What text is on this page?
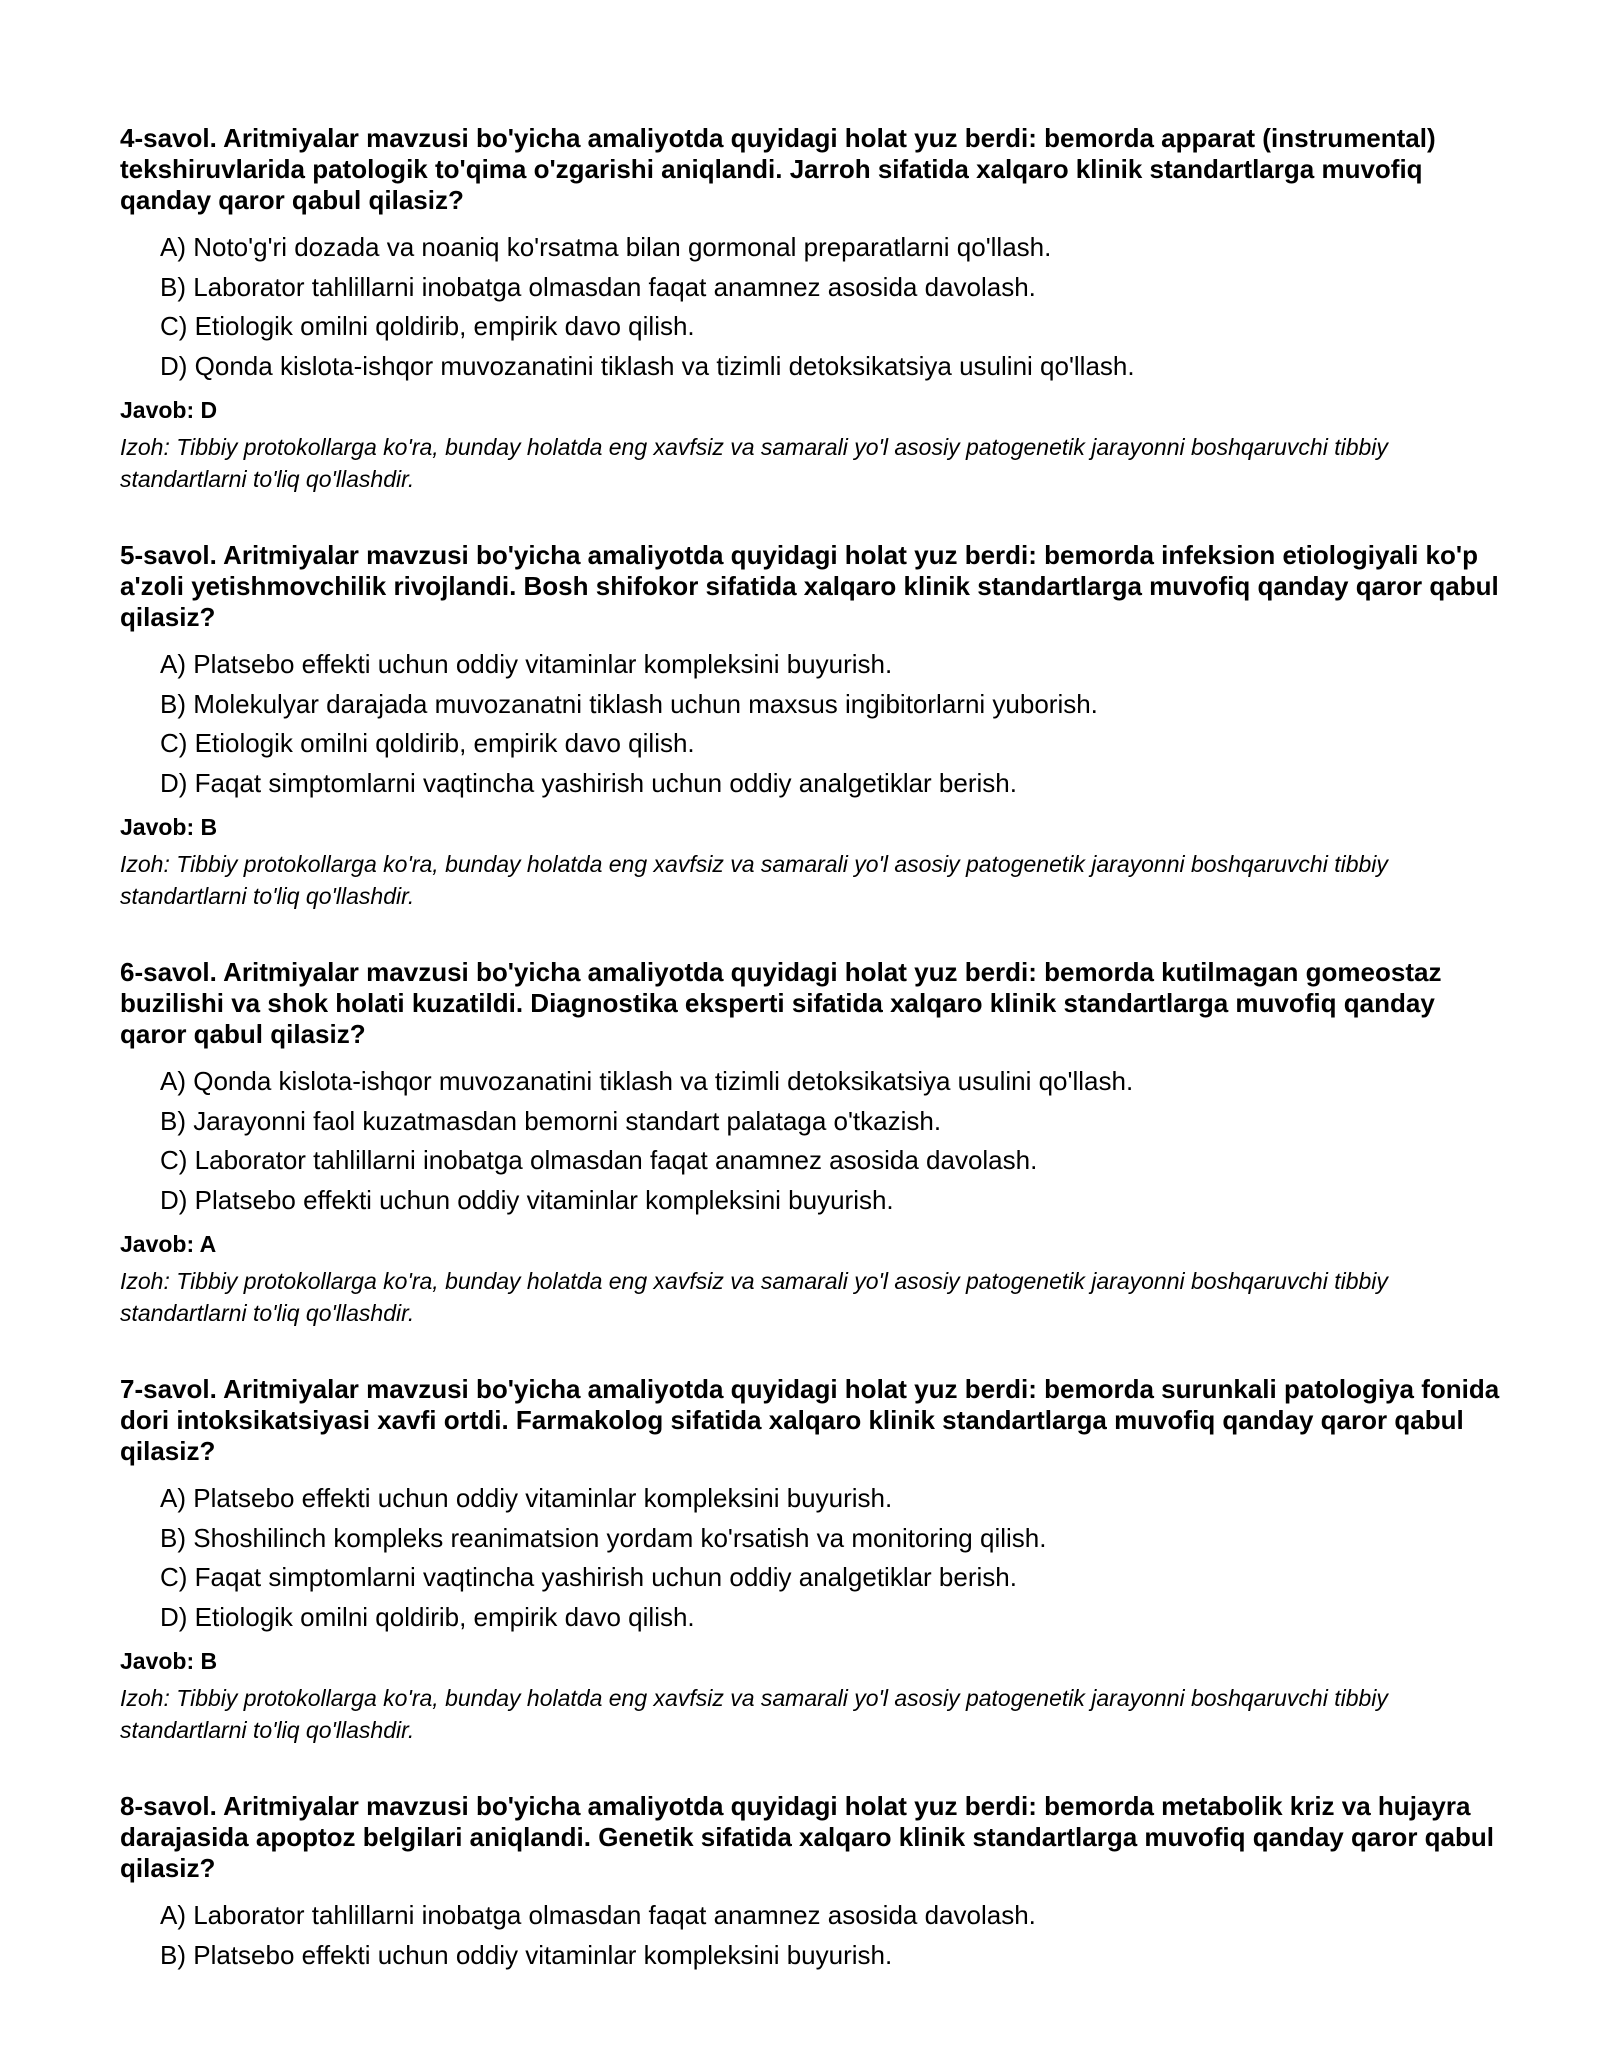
4-savol. Aritmiyalar mavzusi bo'yicha amaliyotda quyidagi holat yuz berdi: bemorda apparat (instrumental) tekshiruvlarida patologik to'qima o'zgarishi aniqlandi. Jarroh sifatida xalqaro klinik standartlarga muvofiq qanday qaror qabul qilasiz?
A) Noto'g'ri dozada va noaniq ko'rsatma bilan gormonal preparatlarni qo'llash.
B) Laborator tahlillarni inobatga olmasdan faqat anamnez asosida davolash.
C) Etiologik omilni qoldirib, empirik davo qilish.
D) Qonda kislota-ishqor muvozanatini tiklash va tizimli detoksikatsiya usulini qo'llash.
Javob: D
Izoh: Tibbiy protokollarga ko'ra, bunday holatda eng xavfsiz va samarali yo'l asosiy patogenetik jarayonni boshqaruvchi tibbiy standartlarni to'liq qo'llashdir.
5-savol. Aritmiyalar mavzusi bo'yicha amaliyotda quyidagi holat yuz berdi: bemorda infeksion etiologiyali ko'p a'zoli yetishmovchilik rivojlandi. Bosh shifokor sifatida xalqaro klinik standartlarga muvofiq qanday qaror qabul qilasiz?
A) Platsebo effekti uchun oddiy vitaminlar kompleksini buyurish.
B) Molekulyar darajada muvozanatni tiklash uchun maxsus ingibitorlarni yuborish.
C) Etiologik omilni qoldirib, empirik davo qilish.
D) Faqat simptomlarni vaqtincha yashirish uchun oddiy analgetiklar berish.
Javob: B
Izoh: Tibbiy protokollarga ko'ra, bunday holatda eng xavfsiz va samarali yo'l asosiy patogenetik jarayonni boshqaruvchi tibbiy standartlarni to'liq qo'llashdir.
6-savol. Aritmiyalar mavzusi bo'yicha amaliyotda quyidagi holat yuz berdi: bemorda kutilmagan gomeostaz buzilishi va shok holati kuzatildi. Diagnostika eksperti sifatida xalqaro klinik standartlarga muvofiq qanday qaror qabul qilasiz?
A) Qonda kislota-ishqor muvozanatini tiklash va tizimli detoksikatsiya usulini qo'llash.
B) Jarayonni faol kuzatmasdan bemorni standart palataga o'tkazish.
C) Laborator tahlillarni inobatga olmasdan faqat anamnez asosida davolash.
D) Platsebo effekti uchun oddiy vitaminlar kompleksini buyurish.
Javob: A
Izoh: Tibbiy protokollarga ko'ra, bunday holatda eng xavfsiz va samarali yo'l asosiy patogenetik jarayonni boshqaruvchi tibbiy standartlarni to'liq qo'llashdir.
7-savol. Aritmiyalar mavzusi bo'yicha amaliyotda quyidagi holat yuz berdi: bemorda surunkali patologiya fonida dori intoksikatsiyasi xavfi ortdi. Farmakolog sifatida xalqaro klinik standartlarga muvofiq qanday qaror qabul qilasiz?
A) Platsebo effekti uchun oddiy vitaminlar kompleksini buyurish.
B) Shoshilinch kompleks reanimatsion yordam ko'rsatish va monitoring qilish.
C) Faqat simptomlarni vaqtincha yashirish uchun oddiy analgetiklar berish.
D) Etiologik omilni qoldirib, empirik davo qilish.
Javob: B
Izoh: Tibbiy protokollarga ko'ra, bunday holatda eng xavfsiz va samarali yo'l asosiy patogenetik jarayonni boshqaruvchi tibbiy standartlarni to'liq qo'llashdir.
8-savol. Aritmiyalar mavzusi bo'yicha amaliyotda quyidagi holat yuz berdi: bemorda metabolik kriz va hujayra darajasida apoptoz belgilari aniqlandi. Genetik sifatida xalqaro klinik standartlarga muvofiq qanday qaror qabul qilasiz?
A) Laborator tahlillarni inobatga olmasdan faqat anamnez asosida davolash.
B) Platsebo effekti uchun oddiy vitaminlar kompleksini buyurish.
